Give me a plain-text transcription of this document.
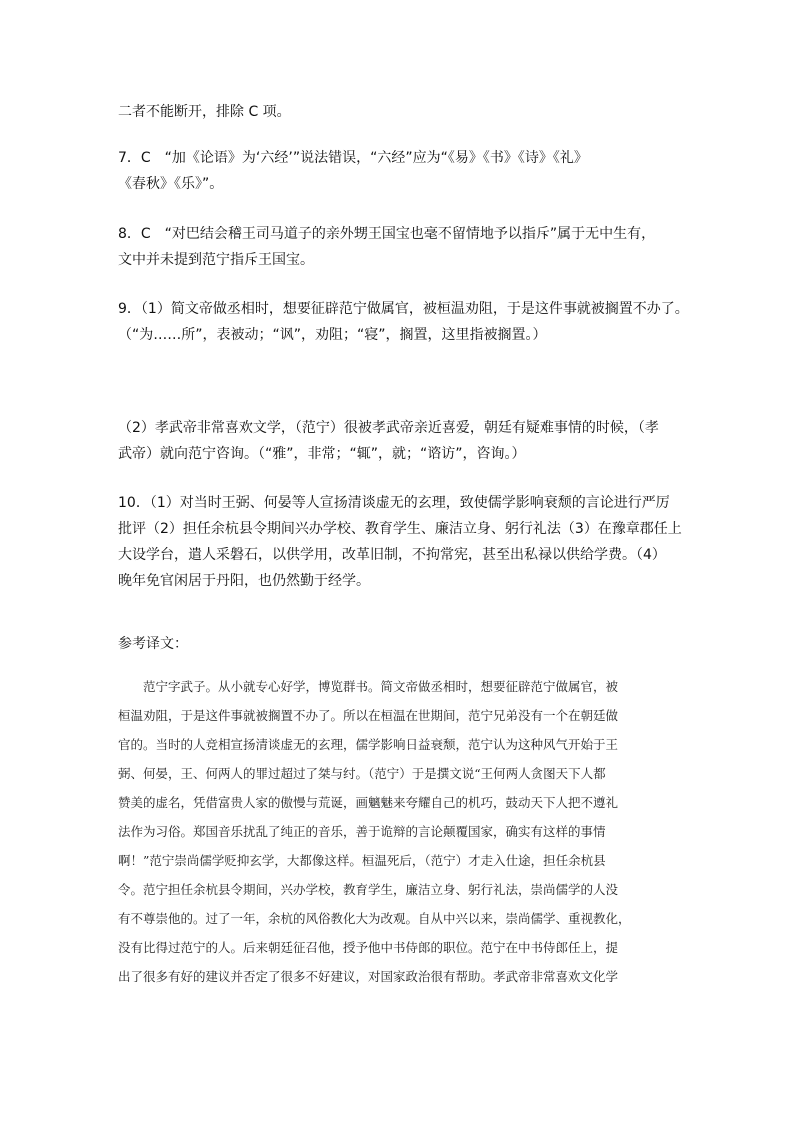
二者不能断开，排除 C 项。
7．C　“加《论语》为‘六经’”说法错误，“六经”应为“《易》《书》《诗》《礼》
《春秋》《乐》”。
8．C　“对巴结会稽王司马道子的亲外甥王国宝也毫不留情地予以指斥”属于无中生有，
文中并未提到范宁指斥王国宝。
9．（1）简文帝做丞相时，想要征辟范宁做属官，被桓温劝阻，于是这件事就被搁置不办了。
（“为……所”，表被动；“讽”，劝阻；“寝”，搁置，这里指被搁置。）
（2）孝武帝非常喜欢文学，（范宁）很被孝武帝亲近喜爱，朝廷有疑难事情的时候，（孝
武帝）就向范宁咨询。（“雅”，非常；“辄”，就；“谘访”，咨询。）
10．（1）对当时王弼、何晏等人宣扬清谈虚无的玄理，致使儒学影响衰颓的言论进行严厉
批评（2）担任余杭县令期间兴办学校、教育学生、廉洁立身、躬行礼法（3）在豫章郡任上
大设学台，遣人采磐石，以供学用，改革旧制，不拘常宪，甚至出私禄以供给学费。（4）
晚年免官闲居于丹阳，也仍然勤于经学。
参考译文：
　　范宁字武子。从小就专心好学，博览群书。简文帝做丞相时，想要征辟范宁做属官，被
桓温劝阻，于是这件事就被搁置不办了。所以在桓温在世期间，范宁兄弟没有一个在朝廷做
官的。当时的人竞相宣扬清谈虚无的玄理，儒学影响日益衰颓，范宁认为这种风气开始于王
弼、何晏，王、何两人的罪过超过了桀与纣。（范宁）于是撰文说“王何两人贪图天下人都
赞美的虚名，凭借富贵人家的傲慢与荒诞，画魑魅来夸耀自己的机巧，鼓动天下人把不遵礼
法作为习俗。郑国音乐扰乱了纯正的音乐，善于诡辩的言论颠覆国家，确实有这样的事情
啊！”范宁崇尚儒学贬抑玄学，大都像这样。桓温死后，（范宁）才走入仕途，担任余杭县
令。范宁担任余杭县令期间，兴办学校，教育学生，廉洁立身、躬行礼法，崇尚儒学的人没
有不尊崇他的。过了一年，余杭的风俗教化大为改观。自从中兴以来，崇尚儒学、重视教化，
没有比得过范宁的人。后来朝廷征召他，授予他中书侍郎的职位。范宁在中书侍郎任上，提
出了很多有好的建议并否定了很多不好建议，对国家政治很有帮助。孝武帝非常喜欢文化学
